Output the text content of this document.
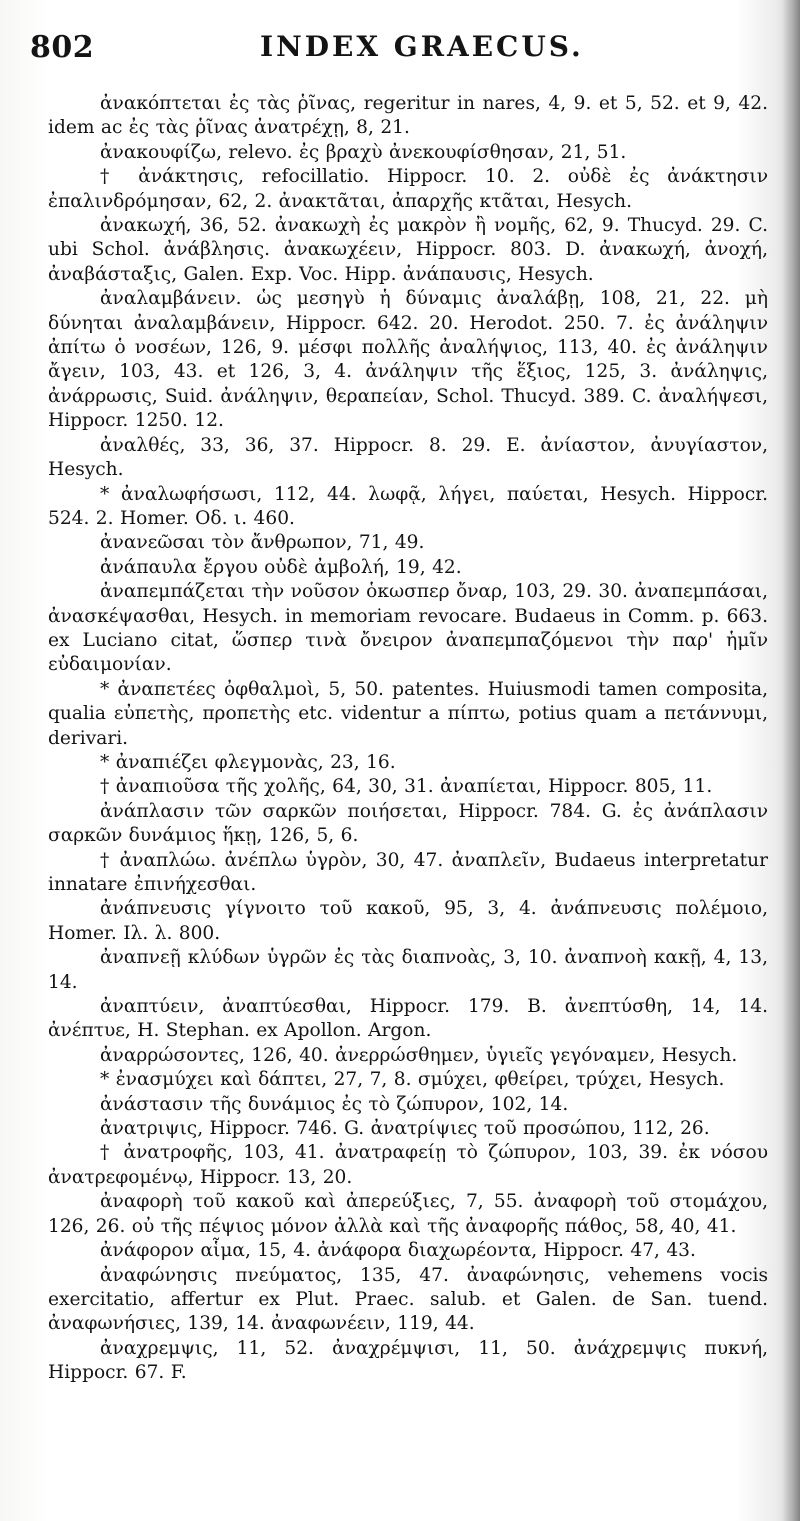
802	INDEX GRAECUS.

ἀνακόπτεται ἐς τὰς ῥῖνας, regeritur in nares, 4, 9. et 5, 52. et 9, 42. idem ac ἐς τὰς ῥῖνας ἀνατρέχῃ, 8, 21.

ἀνακουφίζω, relevo. ἐς βραχὺ ἀνεκουφίσθησαν, 21, 51.

† ἀνάκτησις, refocillatio. Hippocr. 10. 2. οὐδὲ ἐς ἀνάκτησιν ἐπαλινδρόμησαν, 62, 2. ἀνακτᾶται, ἀπαρχῆς κτᾶται, Hesych.

ἀνακωχή, 36, 52. ἀνακωχὴ ἐς μακρὸν ἢ νομῆς, 62, 9. Thucyd. 29. C. ubi Schol. ἀνάβλησις. ἀνακωχέειν, Hippocr. 803. D. ἀνακωχή, ἀνοχή, ἀναβάσταξις, Galen. Exp. Voc. Hipp. ἀνάπαυσις, Hesych.

ἀναλαμβάνειν. ὡς μεσηγὺ ἡ δύναμις ἀναλάβῃ, 108, 21, 22. μὴ δύνηται ἀναλαμβάνειν, Hippocr. 642. 20. Herodot. 250. 7. ἐς ἀνάληψιν ἀπίτω ὁ νοσέων, 126, 9. μέσφι πολλῆς ἀναλήψιος, 113, 40. ἐς ἀνάληψιν ἄγειν, 103, 43. et 126, 3, 4. ἀνάληψιν τῆς ἕξιος, 125, 3. ἀνάληψις, ἀνάρρωσις, Suid. ἀνάληψιν, θεραπείαν, Schol. Thucyd. 389. C. ἀναλήψεσι, Hippocr. 1250. 12.

ἀναλθές, 33, 36, 37. Hippocr. 8. 29. E. ἀνίαστον, ἀνυγίαστον, Hesych.

* ἀναλωφήσωσι, 112, 44. λωφᾷ, λήγει, παύεται, Hesych. Hippocr. 524. 2. Homer. Οδ. ι. 460.

ἀνανεῶσαι τὸν ἄνθρωπον, 71, 49.

ἀνάπαυλα ἔργου οὐδὲ ἀμβολή, 19, 42.

ἀναπεμπάζεται τὴν νοῦσον ὁκωσπερ ὄναρ, 103, 29. 30. ἀναπεμπάσαι, ἀνασκέψασθαι, Hesych. in memoriam revocare. Budaeus in Comm. p. 663. ex Luciano citat, ὥσπερ τινὰ ὄνειρον ἀναπεμπαζόμενοι τὴν παρ' ἡμῖν εὐδαιμονίαν.

* ἀναπετέες ὀφθαλμοὶ, 5, 50. patentes. Huiusmodi tamen composita, qualia εὐπετὴς, προπετὴς etc. videntur a πίπτω, potius quam a πετάννυμι, derivari.

* ἀναπιέζει φλεγμονὰς, 23, 16.

† ἀναπιοῦσα τῆς χολῆς, 64, 30, 31. ἀναπίεται, Hippocr. 805, 11.

ἀνάπλασιν τῶν σαρκῶν ποιήσεται, Hippocr. 784. G. ἐς ἀνάπλασιν σαρκῶν δυνάμιος ἥκῃ, 126, 5, 6.

† ἀναπλώω. ἀνέπλω ὑγρὸν, 30, 47. ἀναπλεῖν, Budaeus interpretatur innatare ἐπινήχεσθαι.

ἀνάπνευσις γίγνοιτο τοῦ κακοῦ, 95, 3, 4. ἀνάπνευσις πολέμοιο, Homer. Ιλ. λ. 800.

ἀναπνεῇ κλύδων ὑγρῶν ἐς τὰς διαπνοὰς, 3, 10. ἀναπνοὴ κακῇ, 4, 13, 14.

ἀναπτύειν, ἀναπτύεσθαι, Hippocr. 179. B. ἀνεπτύσθη, 14, 14. ἀνέπτυε, H. Stephan. ex Apollon. Argon.

ἀναρρώσοντες, 126, 40. ἀνερρώσθημεν, ὑγιεῖς γεγόναμεν, Hesych.

* ἐνασμύχει καὶ δάπτει, 27, 7, 8. σμύχει, φθείρει, τρύχει, Hesych.

ἀνάστασιν τῆς δυνάμιος ἐς τὸ ζώπυρον, 102, 14.

ἀνατριψις, Hippocr. 746. G. ἀνατρίψιες τοῦ προσώπου, 112, 26.

† ἀνατροφῆς, 103, 41. ἀνατραφείῃ τὸ ζώπυρον, 103, 39. ἐκ νόσου ἀνατρεφομένῳ, Hippocr. 13, 20.

ἀναφορὴ τοῦ κακοῦ καὶ ἀπερεύξιες, 7, 55. ἀναφορὴ τοῦ στομάχου, 126, 26. οὐ τῆς πέψιος μόνον ἀλλὰ καὶ τῆς ἀναφορῆς πάθος, 58, 40, 41.

ἀνάφορον αἷμα, 15, 4. ἀνάφορα διαχωρέοντα, Hippocr. 47, 43.

ἀναφώνησις πνεύματος, 135, 47. ἀναφώνησις, vehemens vocis exercitatio, affertur ex Plut. Praec. salub. et Galen. de San. tuend. ἀναφωνήσιες, 139, 14. ἀναφωνέειν, 119, 44.

ἀναχρεμψις, 11, 52. ἀναχρέμψισι, 11, 50. ἀνάχρεμψις πυκνή, Hippocr. 67. F.
